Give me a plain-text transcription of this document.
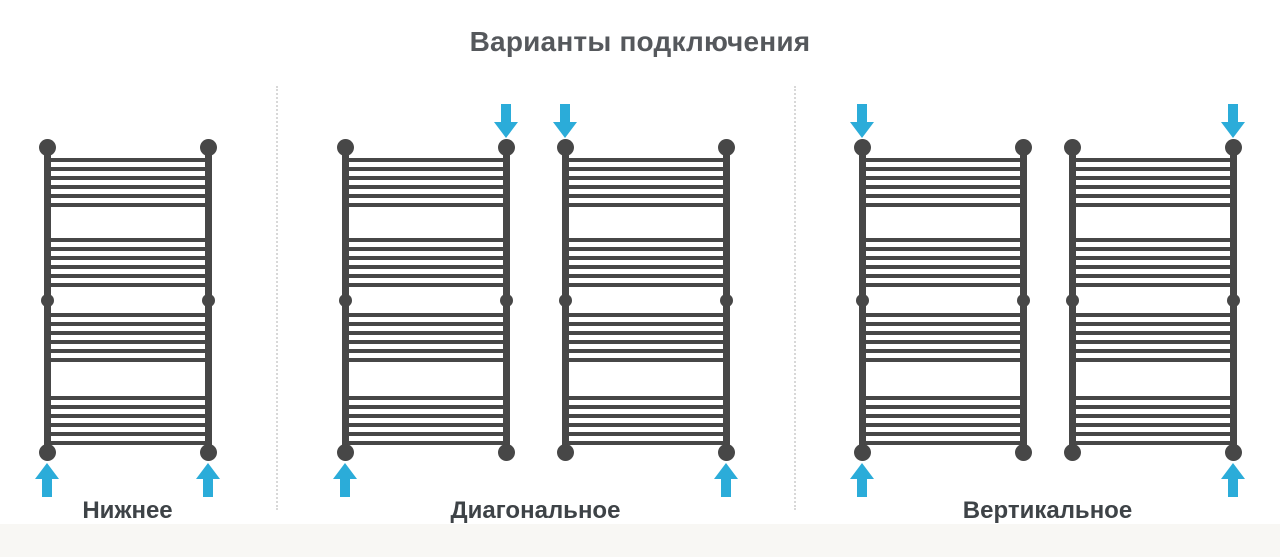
Варианты подключения
Нижнее	Диагональное	Вертикальное
